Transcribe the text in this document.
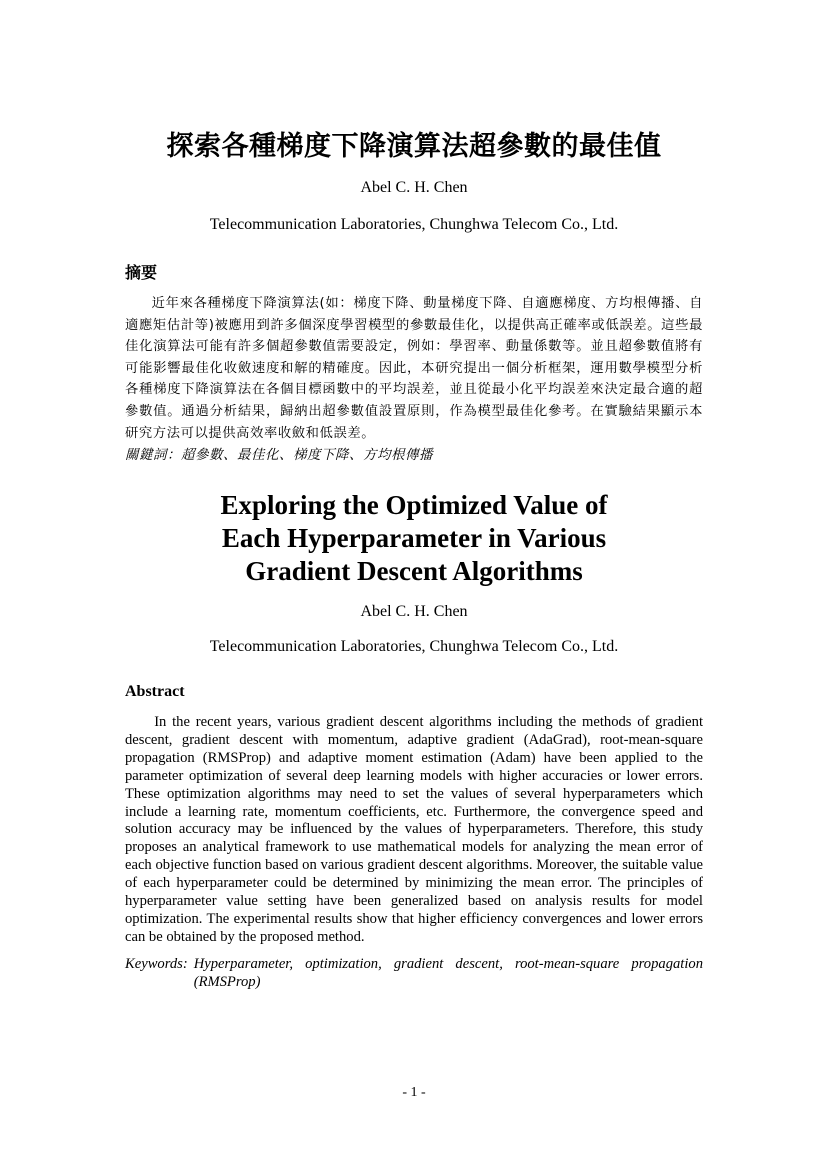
探索各種梯度下降演算法超參數的最佳值
Abel C. H. Chen
Telecommunication Laboratories, Chunghwa Telecom Co., Ltd.
摘要
近年來各種梯度下降演算法(如：梯度下降、動量梯度下降、自適應梯度、方均根傳播、自適應矩估計等)被應用到許多個深度學習模型的參數最佳化，以提供高正確率或低誤差。這些最佳化演算法可能有許多個超參數值需要設定，例如：學習率、動量係數等。並且超參數值將有可能影響最佳化收斂速度和解的精確度。因此，本研究提出一個分析框架，運用數學模型分析各種梯度下降演算法在各個目標函數中的平均誤差，並且從最小化平均誤差來決定最合適的超參數值。通過分析結果，歸納出超參數值設置原則，作為模型最佳化參考。在實驗結果顯示本研究方法可以提供高效率收斂和低誤差。
關鍵詞：超參數、最佳化、梯度下降、方均根傳播
Exploring the Optimized Value of
Each Hyperparameter in Various
Gradient Descent Algorithms
Abel C. H. Chen
Telecommunication Laboratories, Chunghwa Telecom Co., Ltd.
Abstract
In the recent years, various gradient descent algorithms including the methods of gradient descent, gradient descent with momentum, adaptive gradient (AdaGrad), root-mean-square propagation (RMSProp) and adaptive moment estimation (Adam) have been applied to the parameter optimization of several deep learning models with higher accuracies or lower errors. These optimization algorithms may need to set the values of several hyperparameters which include a learning rate, momentum coefficients, etc. Furthermore, the convergence speed and solution accuracy may be influenced by the values of hyperparameters. Therefore, this study proposes an analytical framework to use mathematical models for analyzing the mean error of each objective function based on various gradient descent algorithms. Moreover, the suitable value of each hyperparameter could be determined by minimizing the mean error. The principles of hyperparameter value setting have been generalized based on analysis results for model optimization. The experimental results show that higher efficiency convergences and lower errors can be obtained by the proposed method.
Keywords: Hyperparameter, optimization, gradient descent, root-mean-square propagation (RMSProp)
- 1 -
